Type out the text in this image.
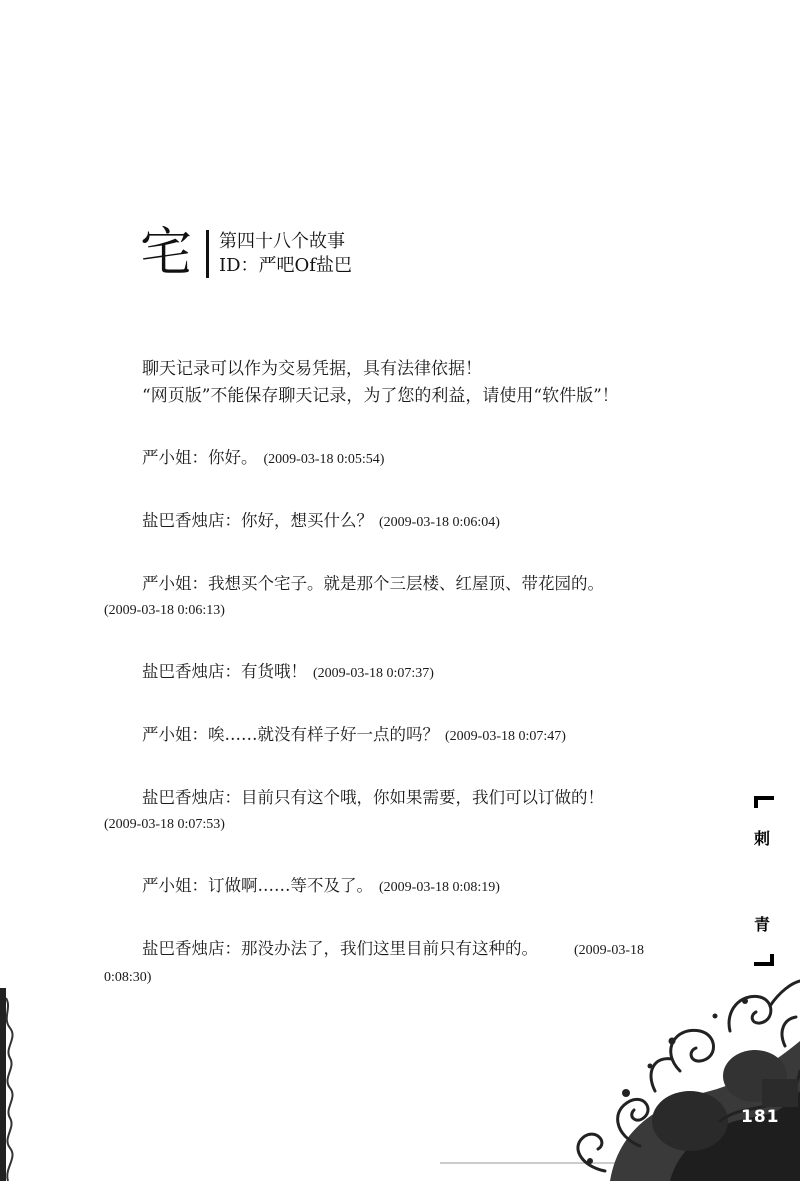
宅 第四十八个故事
ID：严吧Of盐巴
聊天记录可以作为交易凭据，具有法律依据！
“网页版”不能保存聊天记录，为了您的利益，请使用“软件版”！
严小姐：你好。 (2009-03-18 0:05:54)
盐巴香烛店：你好，想买什么？ (2009-03-18 0:06:04)
严小姐：我想买个宅子。就是那个三层楼、红屋顶、带花园的。
(2009-03-18 0:06:13)
盐巴香烛店：有货哦！ (2009-03-18 0:07:37)
严小姐：唉……就没有样子好一点的吗？ (2009-03-18 0:07:47)
盐巴香烛店：目前只有这个哦，你如果需要，我们可以订做的！
(2009-03-18 0:07:53)
严小姐：订做啊……等不及了。 (2009-03-18 0:08:19)
盐巴香烛店：那没办法了，我们这里目前只有这种的。	(2009-03-18
0:08:30)
刺
青
181
